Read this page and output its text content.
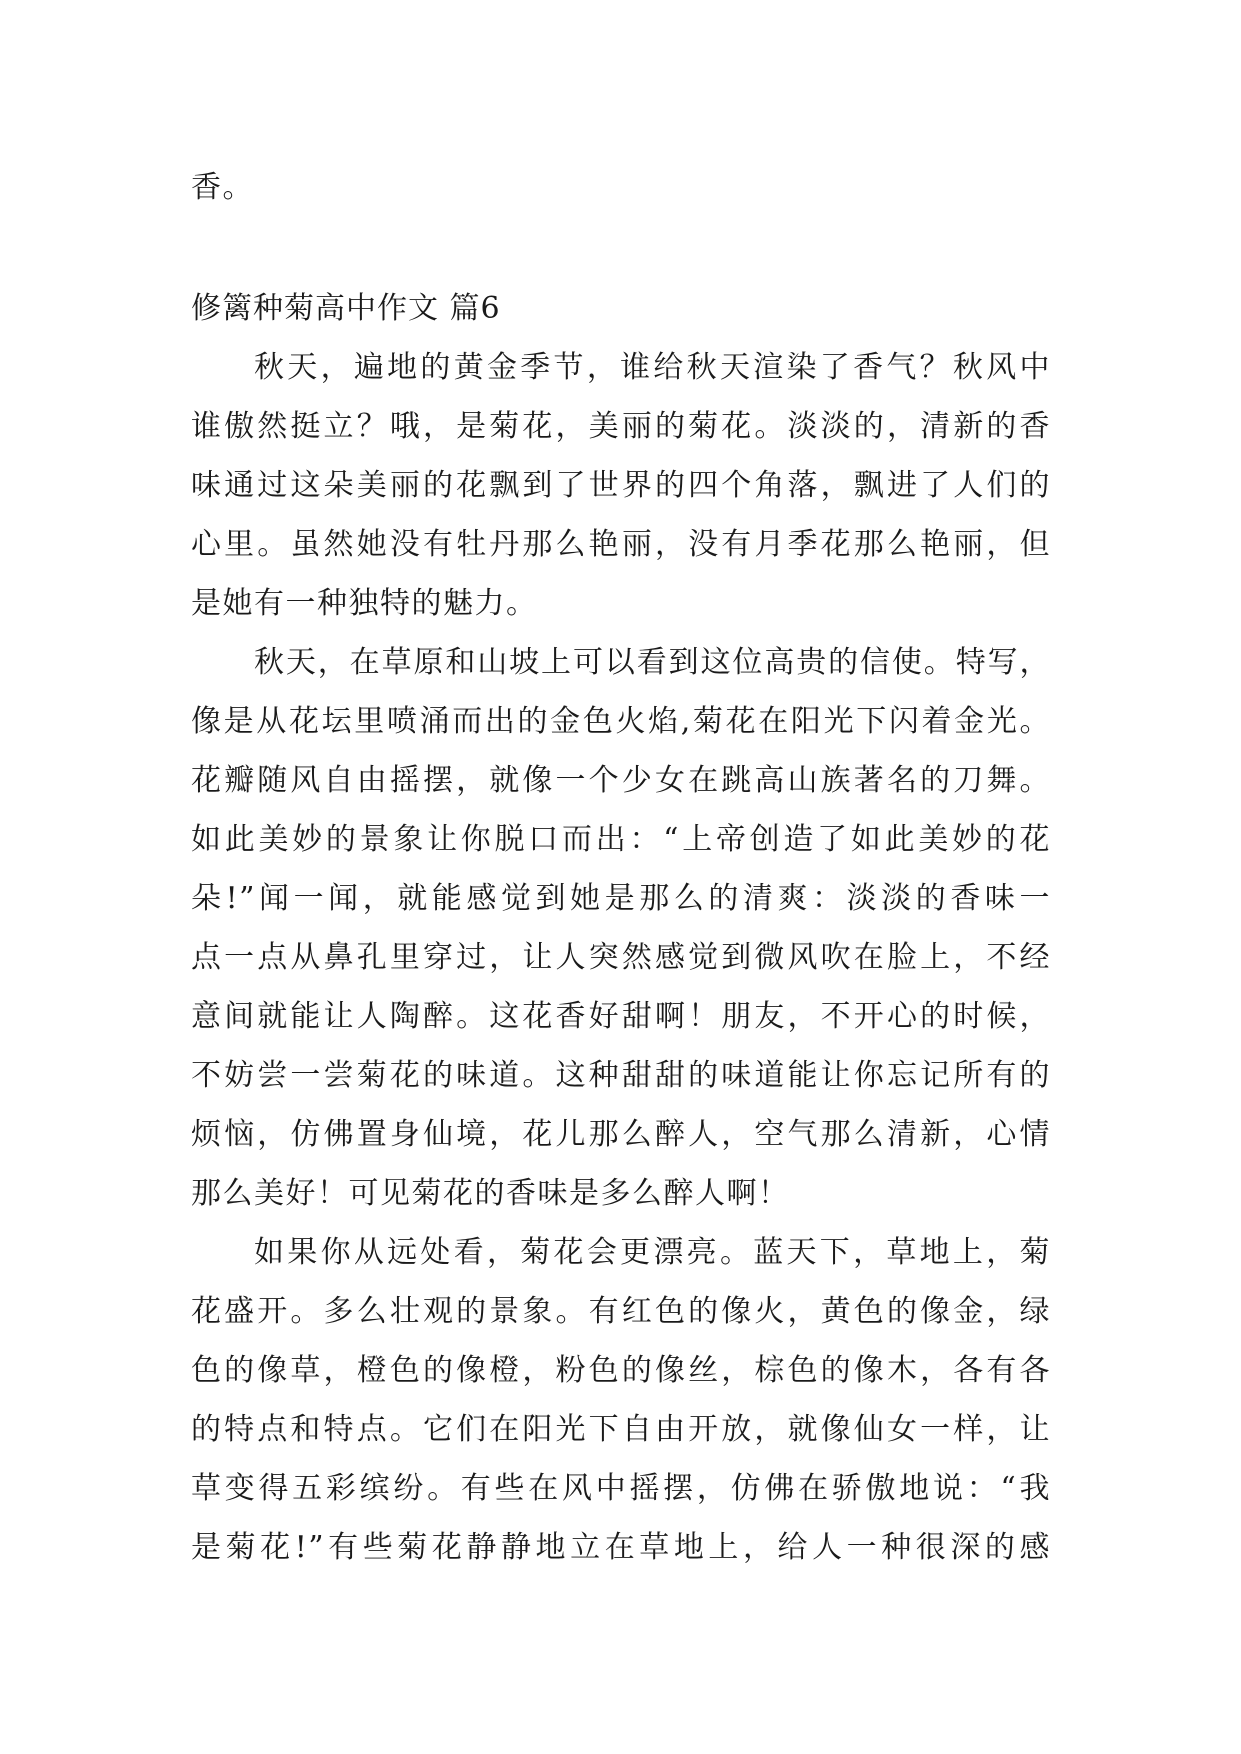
香。
修篱种菊高中作文 篇6
秋天，遍地的黄金季节，谁给秋天渲染了香气？秋风中
谁傲然挺立？哦，是菊花，美丽的菊花。淡淡的，清新的香
味通过这朵美丽的花飘到了世界的四个角落，飘进了人们的
心里。虽然她没有牡丹那么艳丽，没有月季花那么艳丽，但
是她有一种独特的魅力。
秋天，在草原和山坡上可以看到这位高贵的信使。特写，
像是从花坛里喷涌而出的金色火焰,菊花在阳光下闪着金光。
花瓣随风自由摇摆，就像一个少女在跳高山族著名的刀舞。
如此美妙的景象让你脱口而出：“上帝创造了如此美妙的花
朵!”闻一闻，就能感觉到她是那么的清爽：淡淡的香味一
点一点从鼻孔里穿过，让人突然感觉到微风吹在脸上，不经
意间就能让人陶醉。这花香好甜啊！朋友，不开心的时候，
不妨尝一尝菊花的味道。这种甜甜的味道能让你忘记所有的
烦恼，仿佛置身仙境，花儿那么醉人，空气那么清新，心情
那么美好！可见菊花的香味是多么醉人啊！
如果你从远处看，菊花会更漂亮。蓝天下，草地上，菊
花盛开。多么壮观的景象。有红色的像火，黄色的像金，绿
色的像草，橙色的像橙，粉色的像丝，棕色的像木，各有各
的特点和特点。它们在阳光下自由开放，就像仙女一样，让
草变得五彩缤纷。有些在风中摇摆，仿佛在骄傲地说：“我
是菊花!”有些菊花静静地立在草地上，给人一种很深的感
